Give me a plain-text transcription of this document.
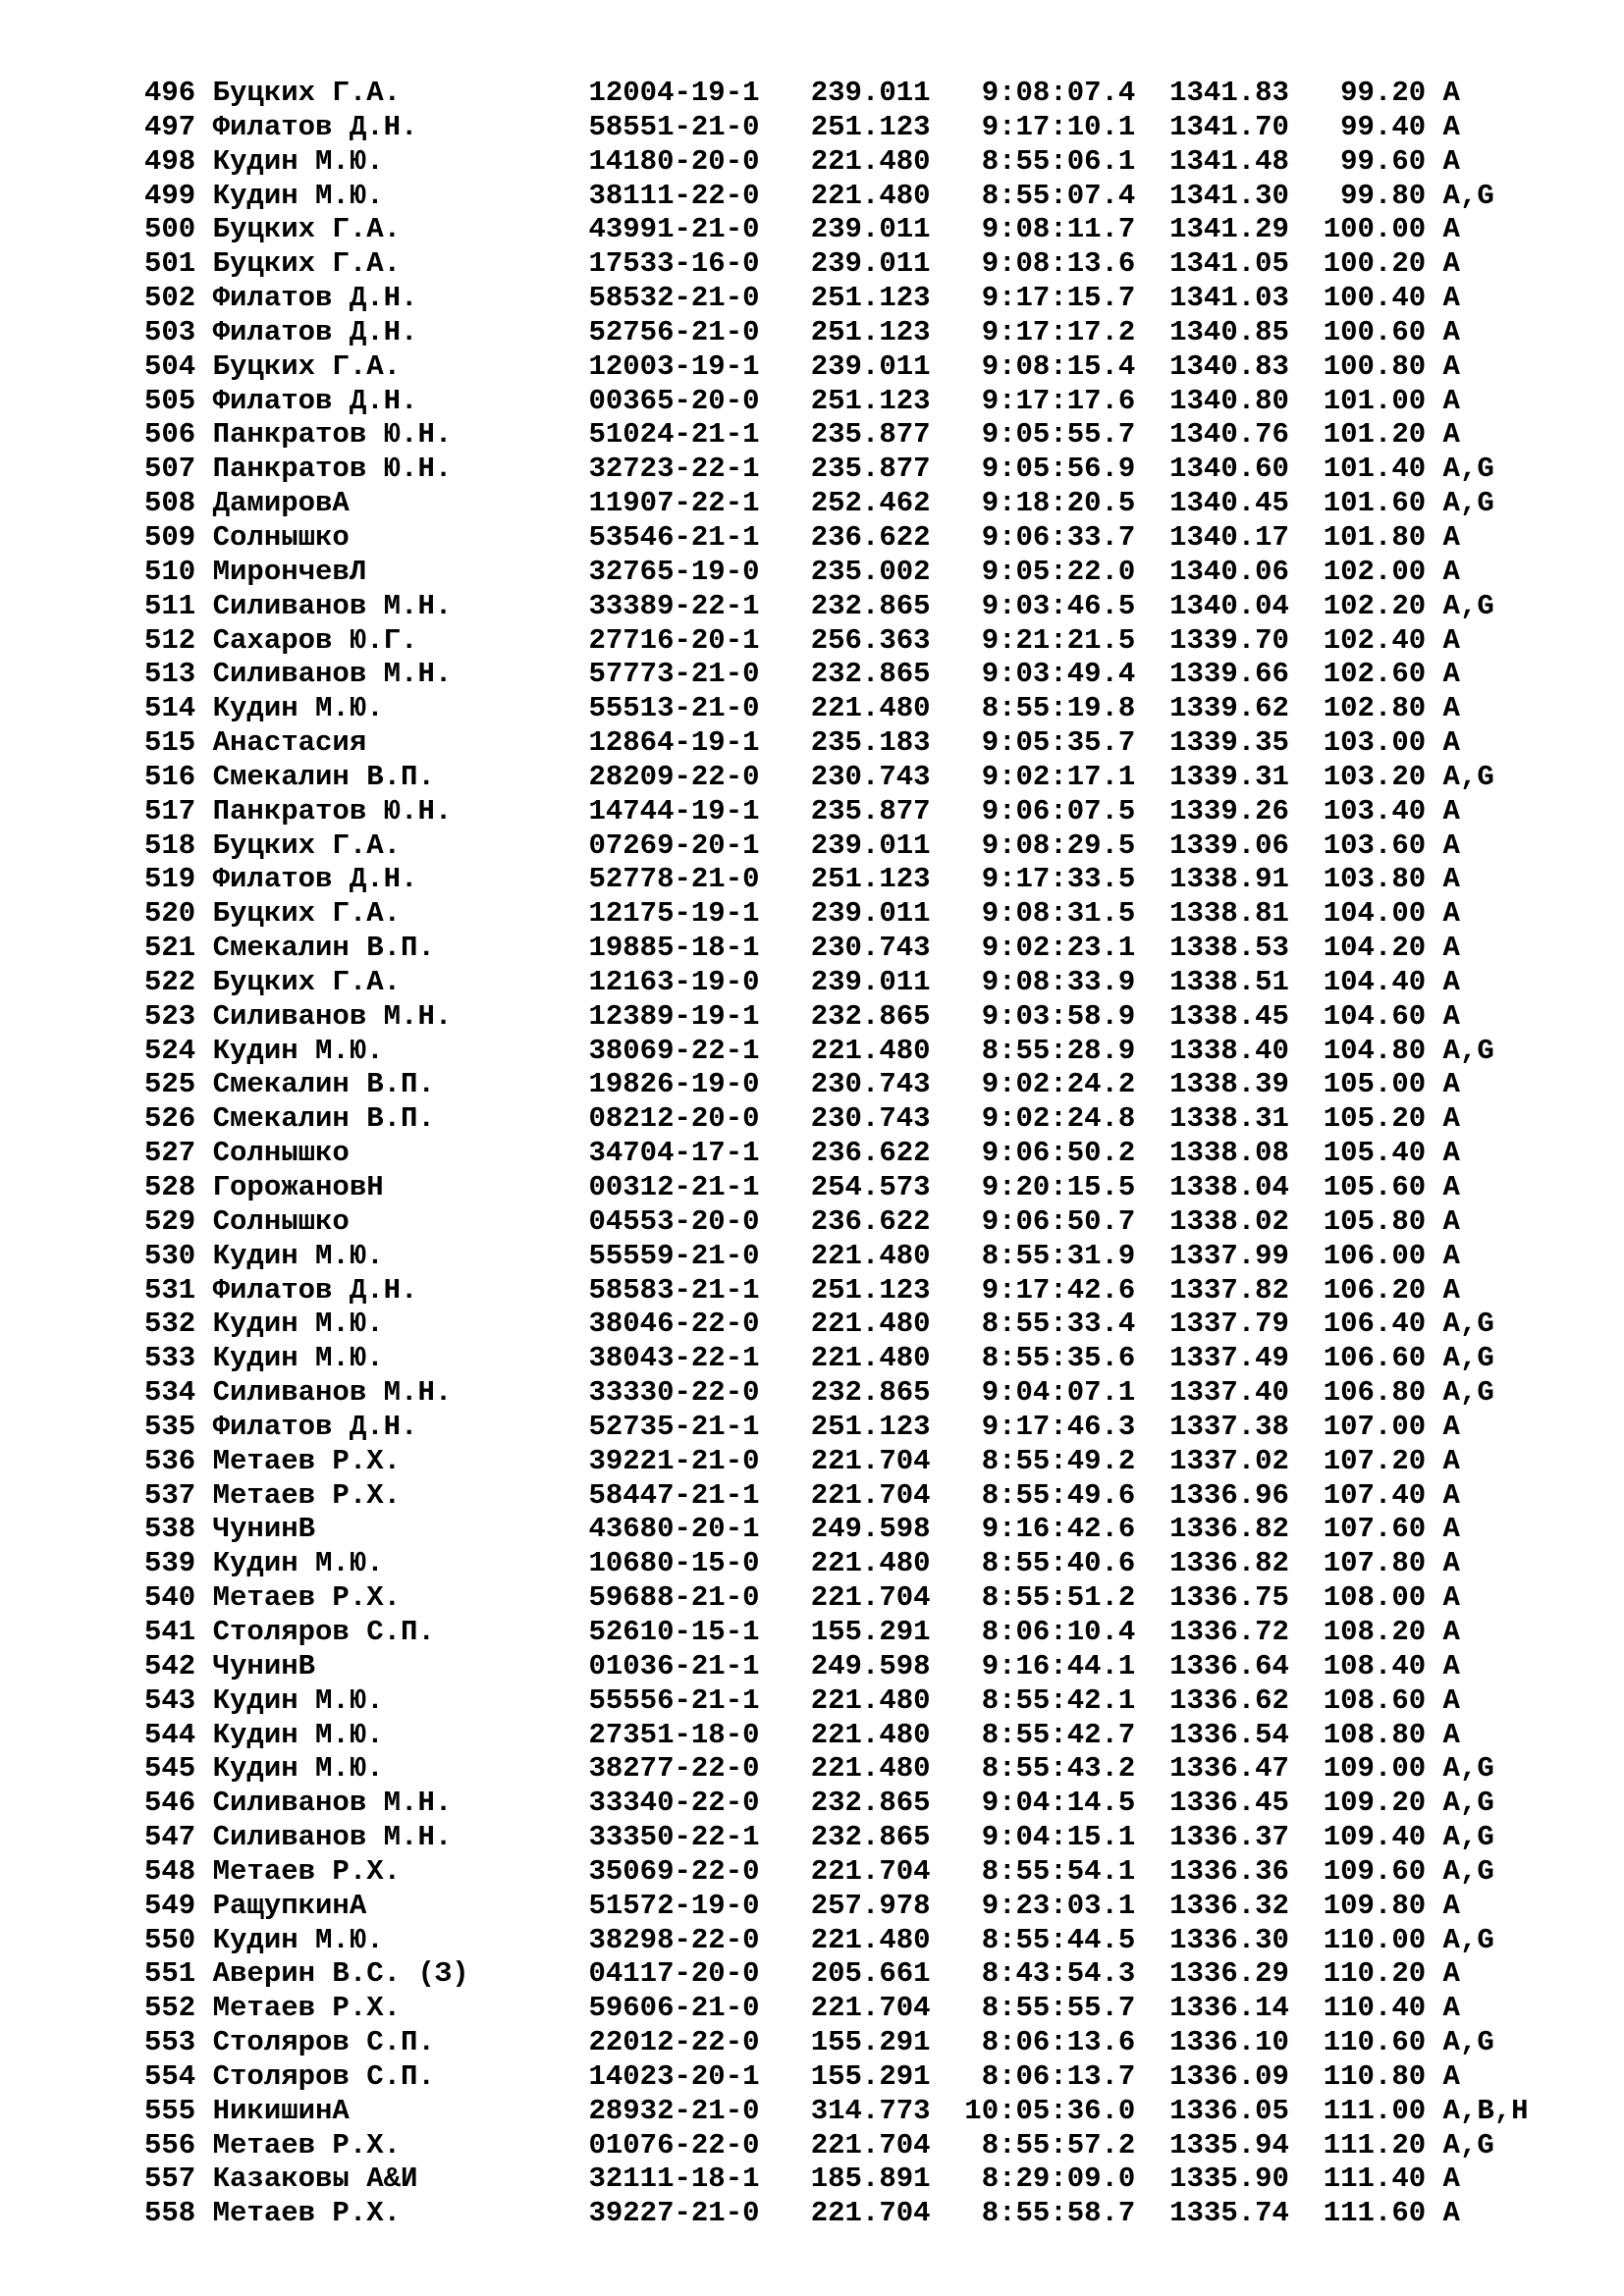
496 Буцких Г.А.	12004-19-1 239.011 9:08:07.4 1341.83 99.20 A
497 Филатов Д.Н.	58551-21-0 251.123 9:17:10.1 1341.70 99.40 A
498 Кудин М.Ю.	14180-20-0 221.480 8:55:06.1 1341.48 99.60 A
499 Кудин М.Ю.	38111-22-0 221.480 8:55:07.4 1341.30 99.80 A,G
500 Буцких Г.А.	43991-21-0 239.011 9:08:11.7 1341.29 100.00 A
501 Буцких Г.А.	17533-16-0 239.011 9:08:13.6 1341.05 100.20 A
502 Филатов Д.Н.	58532-21-0 251.123 9:17:15.7 1341.03 100.40 A
503 Филатов Д.Н.	52756-21-0 251.123 9:17:17.2 1340.85 100.60 A
504 Буцких Г.А.	12003-19-1 239.011 9:08:15.4 1340.83 100.80 A
505 Филатов Д.Н.	00365-20-0 251.123 9:17:17.6 1340.80 101.00 A
506 Панкратов Ю.Н.	51024-21-1 235.877 9:05:55.7 1340.76 101.20 A
507 Панкратов Ю.Н.	32723-22-1 235.877 9:05:56.9 1340.60 101.40 A,G
508 ДамировА	11907-22-1 252.462 9:18:20.5 1340.45 101.60 A,G
509 Солнышко	53546-21-1 236.622 9:06:33.7 1340.17 101.80 A
510 МирончевЛ	32765-19-0 235.002 9:05:22.0 1340.06 102.00 A
511 Силиванов М.Н.	33389-22-1 232.865 9:03:46.5 1340.04 102.20 A,G
512 Сахаров Ю.Г.	27716-20-1 256.363 9:21:21.5 1339.70 102.40 A
513 Силиванов М.Н.	57773-21-0 232.865 9:03:49.4 1339.66 102.60 A
514 Кудин М.Ю.	55513-21-0 221.480 8:55:19.8 1339.62 102.80 A
515 Анастасия	12864-19-1 235.183 9:05:35.7 1339.35 103.00 A
516 Смекалин В.П.	28209-22-0 230.743 9:02:17.1 1339.31 103.20 A,G
517 Панкратов Ю.Н.	14744-19-1 235.877 9:06:07.5 1339.26 103.40 A
518 Буцких Г.А.	07269-20-1 239.011 9:08:29.5 1339.06 103.60 A
519 Филатов Д.Н.	52778-21-0 251.123 9:17:33.5 1338.91 103.80 A
520 Буцких Г.А.	12175-19-1 239.011 9:08:31.5 1338.81 104.00 A
521 Смекалин В.П.	19885-18-1 230.743 9:02:23.1 1338.53 104.20 A
522 Буцких Г.А.	12163-19-0 239.011 9:08:33.9 1338.51 104.40 A
523 Силиванов М.Н.	12389-19-1 232.865 9:03:58.9 1338.45 104.60 A
524 Кудин М.Ю.	38069-22-1 221.480 8:55:28.9 1338.40 104.80 A,G
525 Смекалин В.П.	19826-19-0 230.743 9:02:24.2 1338.39 105.00 A
526 Смекалин В.П.	08212-20-0 230.743 9:02:24.8 1338.31 105.20 A
527 Солнышко	34704-17-1 236.622 9:06:50.2 1338.08 105.40 A
528 ГорожановН	00312-21-1 254.573 9:20:15.5 1338.04 105.60 A
529 Солнышко	04553-20-0 236.622 9:06:50.7 1338.02 105.80 A
530 Кудин М.Ю.	55559-21-0 221.480 8:55:31.9 1337.99 106.00 A
531 Филатов Д.Н.	58583-21-1 251.123 9:17:42.6 1337.82 106.20 A
532 Кудин М.Ю.	38046-22-0 221.480 8:55:33.4 1337.79 106.40 A,G
533 Кудин М.Ю.	38043-22-1 221.480 8:55:35.6 1337.49 106.60 A,G
534 Силиванов М.Н.	33330-22-0 232.865 9:04:07.1 1337.40 106.80 A,G
535 Филатов Д.Н.	52735-21-1 251.123 9:17:46.3 1337.38 107.00 A
536 Метаев Р.Х.	39221-21-0 221.704 8:55:49.2 1337.02 107.20 A
537 Метаев Р.Х.	58447-21-1 221.704 8:55:49.6 1336.96 107.40 A
538 ЧунинВ	43680-20-1 249.598 9:16:42.6 1336.82 107.60 A
539 Кудин М.Ю.	10680-15-0 221.480 8:55:40.6 1336.82 107.80 A
540 Метаев Р.Х.	59688-21-0 221.704 8:55:51.2 1336.75 108.00 A
541 Столяров С.П.	52610-15-1 155.291 8:06:10.4 1336.72 108.20 A
542 ЧунинВ	01036-21-1 249.598 9:16:44.1 1336.64 108.40 A
543 Кудин М.Ю.	55556-21-1 221.480 8:55:42.1 1336.62 108.60 A
544 Кудин М.Ю.	27351-18-0 221.480 8:55:42.7 1336.54 108.80 A
545 Кудин М.Ю.	38277-22-0 221.480 8:55:43.2 1336.47 109.00 A,G
546 Силиванов М.Н.	33340-22-0 232.865 9:04:14.5 1336.45 109.20 A,G
547 Силиванов М.Н.	33350-22-1 232.865 9:04:15.1 1336.37 109.40 A,G
548 Метаев Р.Х.	35069-22-0 221.704 8:55:54.1 1336.36 109.60 A,G
549 РащупкинА	51572-19-0 257.978 9:23:03.1 1336.32 109.80 A
550 Кудин М.Ю.	38298-22-0 221.480 8:55:44.5 1336.30 110.00 A,G
551 Аверин В.С. (З)	04117-20-0 205.661 8:43:54.3 1336.29 110.20 A
552 Метаев Р.Х.	59606-21-0 221.704 8:55:55.7 1336.14 110.40 A
553 Столяров С.П.	22012-22-0 155.291 8:06:13.6 1336.10 110.60 A,G
554 Столяров С.П.	14023-20-1 155.291 8:06:13.7 1336.09 110.80 A
555 НикишинА	28932-21-0 314.773 10:05:36.0 1336.05 111.00 A,B,H
556 Метаев Р.Х.	01076-22-0 221.704 8:55:57.2 1335.94 111.20 A,G
557 Казаковы А&И	32111-18-1 185.891 8:29:09.0 1335.90 111.40 A
558 Метаев Р.Х.	39227-21-0 221.704 8:55:58.7 1335.74 111.60 A
